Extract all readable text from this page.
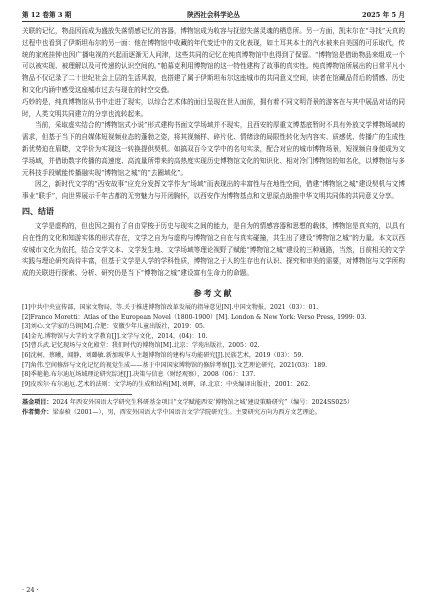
第 12 卷第 3 期	陕西社会科学论丛	2025 年 5 月

关联的记忆，物品因而成为盛放失落情感记忆的容器，博物馆成为收容与抚慰失落灵魂的栖息所。另一方面，凯末尔在“寻找”天真的过程中也看到了伊斯坦布尔的另一面：他在博物馆中收藏的年代变迁中的文化表现，如土耳其本土的汽水被来自美国的可乐取代，传统的家庭挂钟也因广播电视的兴起而逐渐无人问津，这些共同的记忆在纯真博物馆中也得到了保留。“博物馆是借助物品来组成一个可以被实现、被理解以及可传递的认识空间的。”帕慕克利用博物馆的这一特性建构了故事的真实性。纯真博物馆所展出的日常平凡小物品不仅记录了二十世纪社会上层的生活风貌，也搭建了属于伊斯坦布尔这座城市的共同意义空间，读者在馆藏品背后的情感、历史和文化内涵中感受这座城市过去与现在的时空交叠。

巧妙的是，纯真博物馆从书中走进了现实，以综合艺术体的面目呈现在世人面前，拥有着不同文明背景的游客在与其中展品对话的同时，人类文明共同建立的分享也流转起来。

当前，采取虚实结合的“博物馆式小说”形式建构书面文学场域并不现实，且西安的厚重文博基底暂时不具有外放文学博物场域的需求，但基于当下的自媒体短视频业态的蓬勃之姿，将其视频样、碎片化、情绪涂的局限性转化为内容实、质感优、传播广的生成性新优势迫在眉睫，文学价为实现这一转换提供契机。如搞双百今文学中的名句实录，配合对应的城市博物场景，短视频自身便成为文学场域，并借助数字传播的高速度、高流量所带来的高热度实现历史博物馆文化的知识化、相对冷门博物馆的知名化，以博物馆与多元科技手段赋能传播融实现“博物馆之城”的“去圈域化”。

因之，新时代文学的“西安故事”应充分发挥文学作为“场域”而表现出的丰富性与在地性空间，借建“博物馆之城”建设契机与文博事业“联手”，向世界展示千年古都的无穷魅力与开闭胸怀，以西安作为博物基点和文思原点助推中华文明共同体的共同意义分享。

四、结语

文学是虚构的，但也因之拥有了自由穿梭于历史与现实之间的能力，是自为的情感容器和思想的载体，博物馆是真实的，以具有自在性的文化和知游实体的形式存在，文学之自为与虚构与博物馆之自在与真实碰撞，共生出了建设“博物馆之城”的力量。本文以西安城市文化为依托，结合文学文本、文学发生地、文学场域等理论视野了赋能“博物馆之城”建设的三种通路，当然，目前相关的文学实践与理论研究尚待丰富，但基于文学是人学的学科性质，博物馆之于人的生存也有认识、探究和审美的需要，对博物馆与文学所构成的关联进行探索、分析、研究仍是当下“博物馆之城”建设富有生命力的命题。

参考文献

[1]中共中央宣传部，国家文物局，等.关于推进博物馆改革发展的指导意见[N].中国文物报，2021（03）：01.

[2]Franco Moretti：Atlas of the European Novel（1800-1900）[M]. London & New York: Verso Press, 1999: 03.

[3]刘心.文学家的乌镇[M].合肥：安徽少年儿童出版社，2019：05.

[4]金光.博物馆与大学的文学教育[J].文学与文化，2014，(04)：10.

[5]曹兵武.记忆现场与文化殿堂：我们时代的博物馆[M].北京：学苑出版社，2005：02.

[6]沈柯，蔡曦，闻静，刘璐敏.新加坡华人主题博物馆的建构与功能研究[J].民族艺术，2019（03）：59.

[7]角伟.空间修辞与文化记忆的视觉生成——基于中国国家博物馆的修辞考察[J].文艺理论研究，2021(03)：189.

[8]季艳艳.布尔迪厄场域理论研究综述[J].决策与信息（财经观察），2008（06）：137.

[9]皮埃尔·布尔迪厄.艺术的法则：文学场的生成和结构[M].刘晖，译.北京：中央编译出版社，2001：262.

基金项目：2024 年西安外国语大学研究生科研基金项目“文学赋能西安‘博物馆之城’建设策略研究”（编号：2024SS025）

作者简介：梁泰楨（2001—），男，西安外国语大学中国语言文学学院研究生。主要研究方向为西方文艺理论。

· 24 ·
